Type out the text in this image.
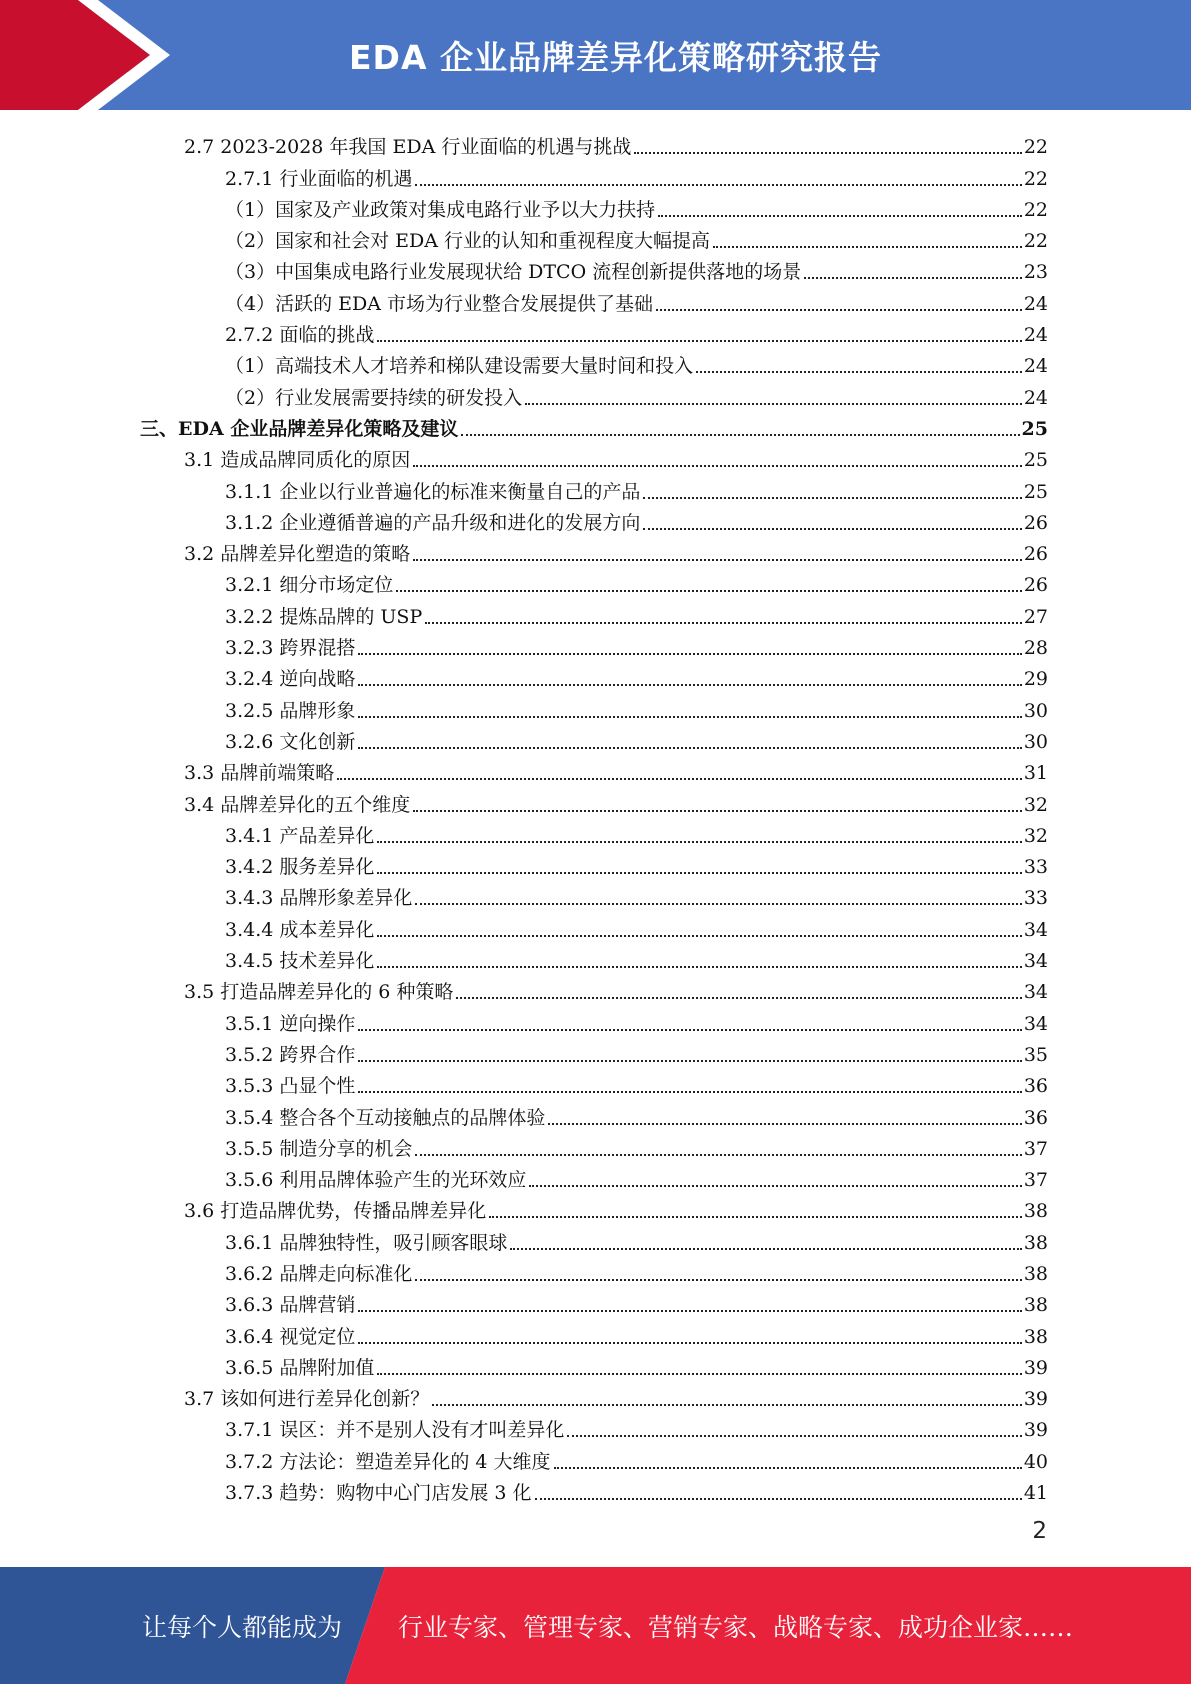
EDA 企业品牌差异化策略研究报告
2.7 2023-2028 年我国 EDA 行业面临的机遇与挑战	22
2.7.1 行业面临的机遇	22
（1）国家及产业政策对集成电路行业予以大力扶持	22
（2）国家和社会对 EDA 行业的认知和重视程度大幅提高	22
（3）中国集成电路行业发展现状给 DTCO 流程创新提供落地的场景	23
（4）活跃的 EDA 市场为行业整合发展提供了基础	24
2.7.2 面临的挑战	24
（1）高端技术人才培养和梯队建设需要大量时间和投入	24
（2）行业发展需要持续的研发投入	24
三、EDA 企业品牌差异化策略及建议	25
3.1 造成品牌同质化的原因	25
3.1.1 企业以行业普遍化的标准来衡量自己的产品	25
3.1.2 企业遵循普遍的产品升级和进化的发展方向	26
3.2 品牌差异化塑造的策略	26
3.2.1 细分市场定位	26
3.2.2 提炼品牌的 USP	27
3.2.3 跨界混搭	28
3.2.4 逆向战略	29
3.2.5 品牌形象	30
3.2.6 文化创新	30
3.3 品牌前端策略	31
3.4 品牌差异化的五个维度	32
3.4.1 产品差异化	32
3.4.2 服务差异化	33
3.4.3 品牌形象差异化	33
3.4.4 成本差异化	34
3.4.5 技术差异化	34
3.5 打造品牌差异化的 6 种策略	34
3.5.1 逆向操作	34
3.5.2 跨界合作	35
3.5.3 凸显个性	36
3.5.4 整合各个互动接触点的品牌体验	36
3.5.5 制造分享的机会	37
3.5.6 利用品牌体验产生的光环效应	37
3.6 打造品牌优势，传播品牌差异化	38
3.6.1 品牌独特性，吸引顾客眼球	38
3.6.2 品牌走向标准化	38
3.6.3 品牌营销	38
3.6.4 视觉定位	38
3.6.5 品牌附加值	39
3.7 该如何进行差异化创新？	39
3.7.1 误区：并不是别人没有才叫差异化	39
3.7.2 方法论：塑造差异化的 4 大维度	40
3.7.3 趋势：购物中心门店发展 3 化	41
2
让每个人都能成为 行业专家、管理专家、营销专家、战略专家、成功企业家……
